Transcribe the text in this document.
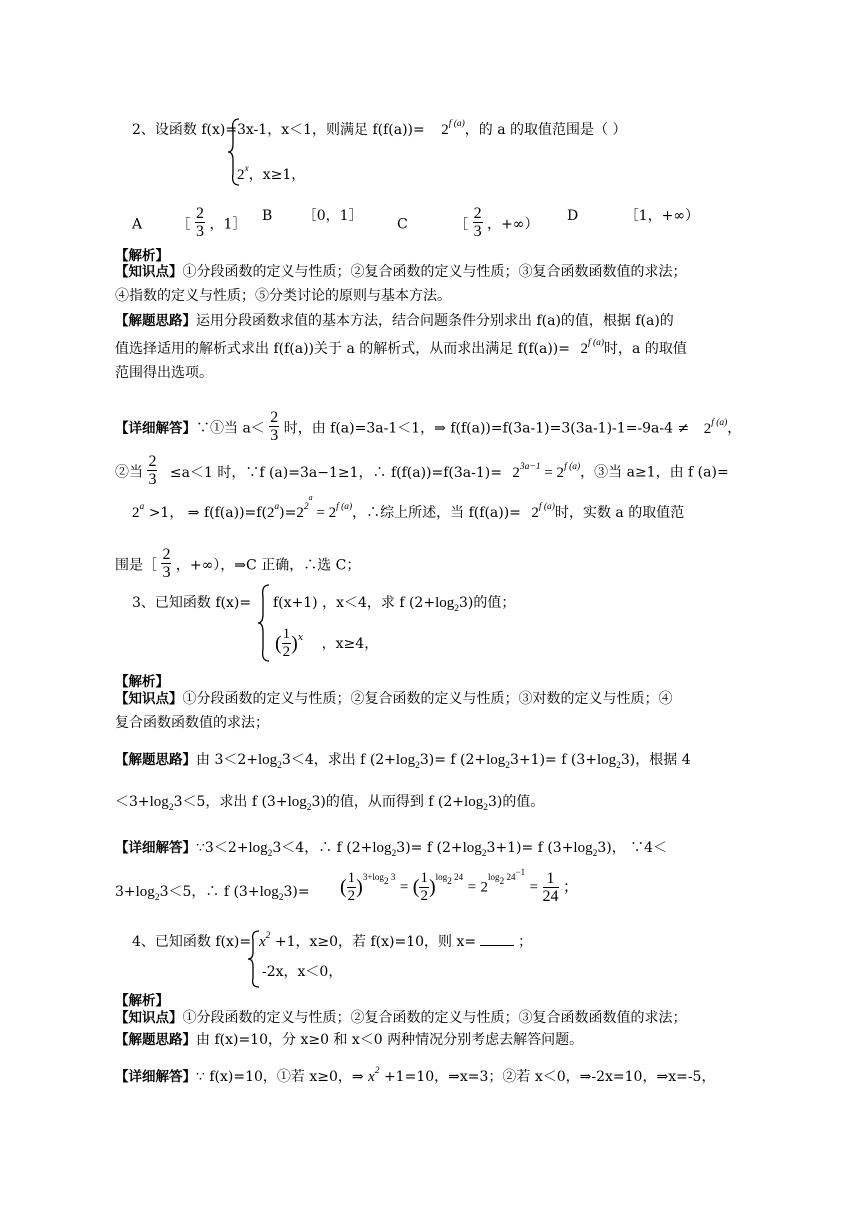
2、设函数 f(x)= 3x-1，x＜1，则满足 $f(f(a))= 2^{f (a)}$，的 a 的取值范围是（ ）
2$^x$，x≥1，
A ［ $\frac{2}{3}$ ，1］
B ［0，1］
C	［ $\frac{2}{3}$ ，+∞）
D	［1，+∞）
【解析】
【知识点】①分段函数的定义与性质；②复合函数的定义与性质；③复合函数函数值的求法；
④指数的定义与性质；⑤分类讨论的原则与基本方法。
【解题思路】运用分段函数求值的基本方法，结合问题条件分别求出 f(a)的值，根据 f(a)的
值选择适用的解析式求出 f(f(a))关于 a 的解析式，从而求出满足 $f(f(a))= 2^{f (a)}$时，a 的取值
范围得出选项。
【详细解答】∵①当 $a< \frac{2}{3}$ 时，由 f(a)=3a-1＜1，⇒ $f(f(a))=f(3a-1)=3(3a-1)-1=-9a-4 \ne 2^{f (a)}$，
②当 $\frac{2}{3} \le a<1$ 时，∵f (a)=3a−1≥1，∴ $f(f(a))=f(3a-1)= 2^{3a-1} = 2^{f (a)}$，③当 a≥1，由 f (a)=
$2^a >1$， ⇒ $f(f(a))=f(2^a)=2^{2^a} = 2^{f (a)}$，∴综上所述，当 $f(f(a))= 2^{f (a)}$时，实数 a 的取值范
围是［ $\frac{2}{3}$ ，+∞），⇒C 正确，∴选 C；
3、已知函数 f(x)= f(x+1) ，x＜4，求 f $(2+\log_23)$的值；
( $\frac{1}{2} )^x$ ，x≥4，
【解析】
【知识点】①分段函数的定义与性质；②复合函数的定义与性质；③对数的定义与性质；④
复合函数函数值的求法；
【解题思路】由 $3<2+\log_23<4$，求出 f $(2+\log_23)= f$ $(2+\log_23+1)= f$ $(3+\log_23)$，根据 4
$<3+\log_23<5$，求出 f $(3+\log_23)$的值，从而得到 f $(2+\log_23)$的值。
【详细解答】$\because 3<2+\log_23<4$，∴ f $(2+\log_23)= f$ $(2+\log_23+1)= f$ $(3+\log_23)$， ∵4＜
$3+\log_23<5$，∴ f $(3+\log_23)=$ ( $\frac{1}{2} )^{3+log2 3}$ = ( $\frac{1}{2} )^{log2 24} = 2^{log2 24-1} = \frac{1}{24}$ ；
4、已知函数 $f(x)= x^2 +1$，x≥0，若 f(x)=10，则 x=	；
-2x，x＜0，
【解析】
【知识点】①分段函数的定义与性质；②复合函数的定义与性质；③复合函数函数值的求法；
【解题思路】由 f(x)=10，分 x≥0 和 x＜0 两种情况分别考虑去解答问题。
【详细解答】∵ f(x)=10，①若 x≥0，⇒ $x^2 +1=10$，⇒x=3；②若 x＜0，⇒-2x=10，⇒x=-5，
